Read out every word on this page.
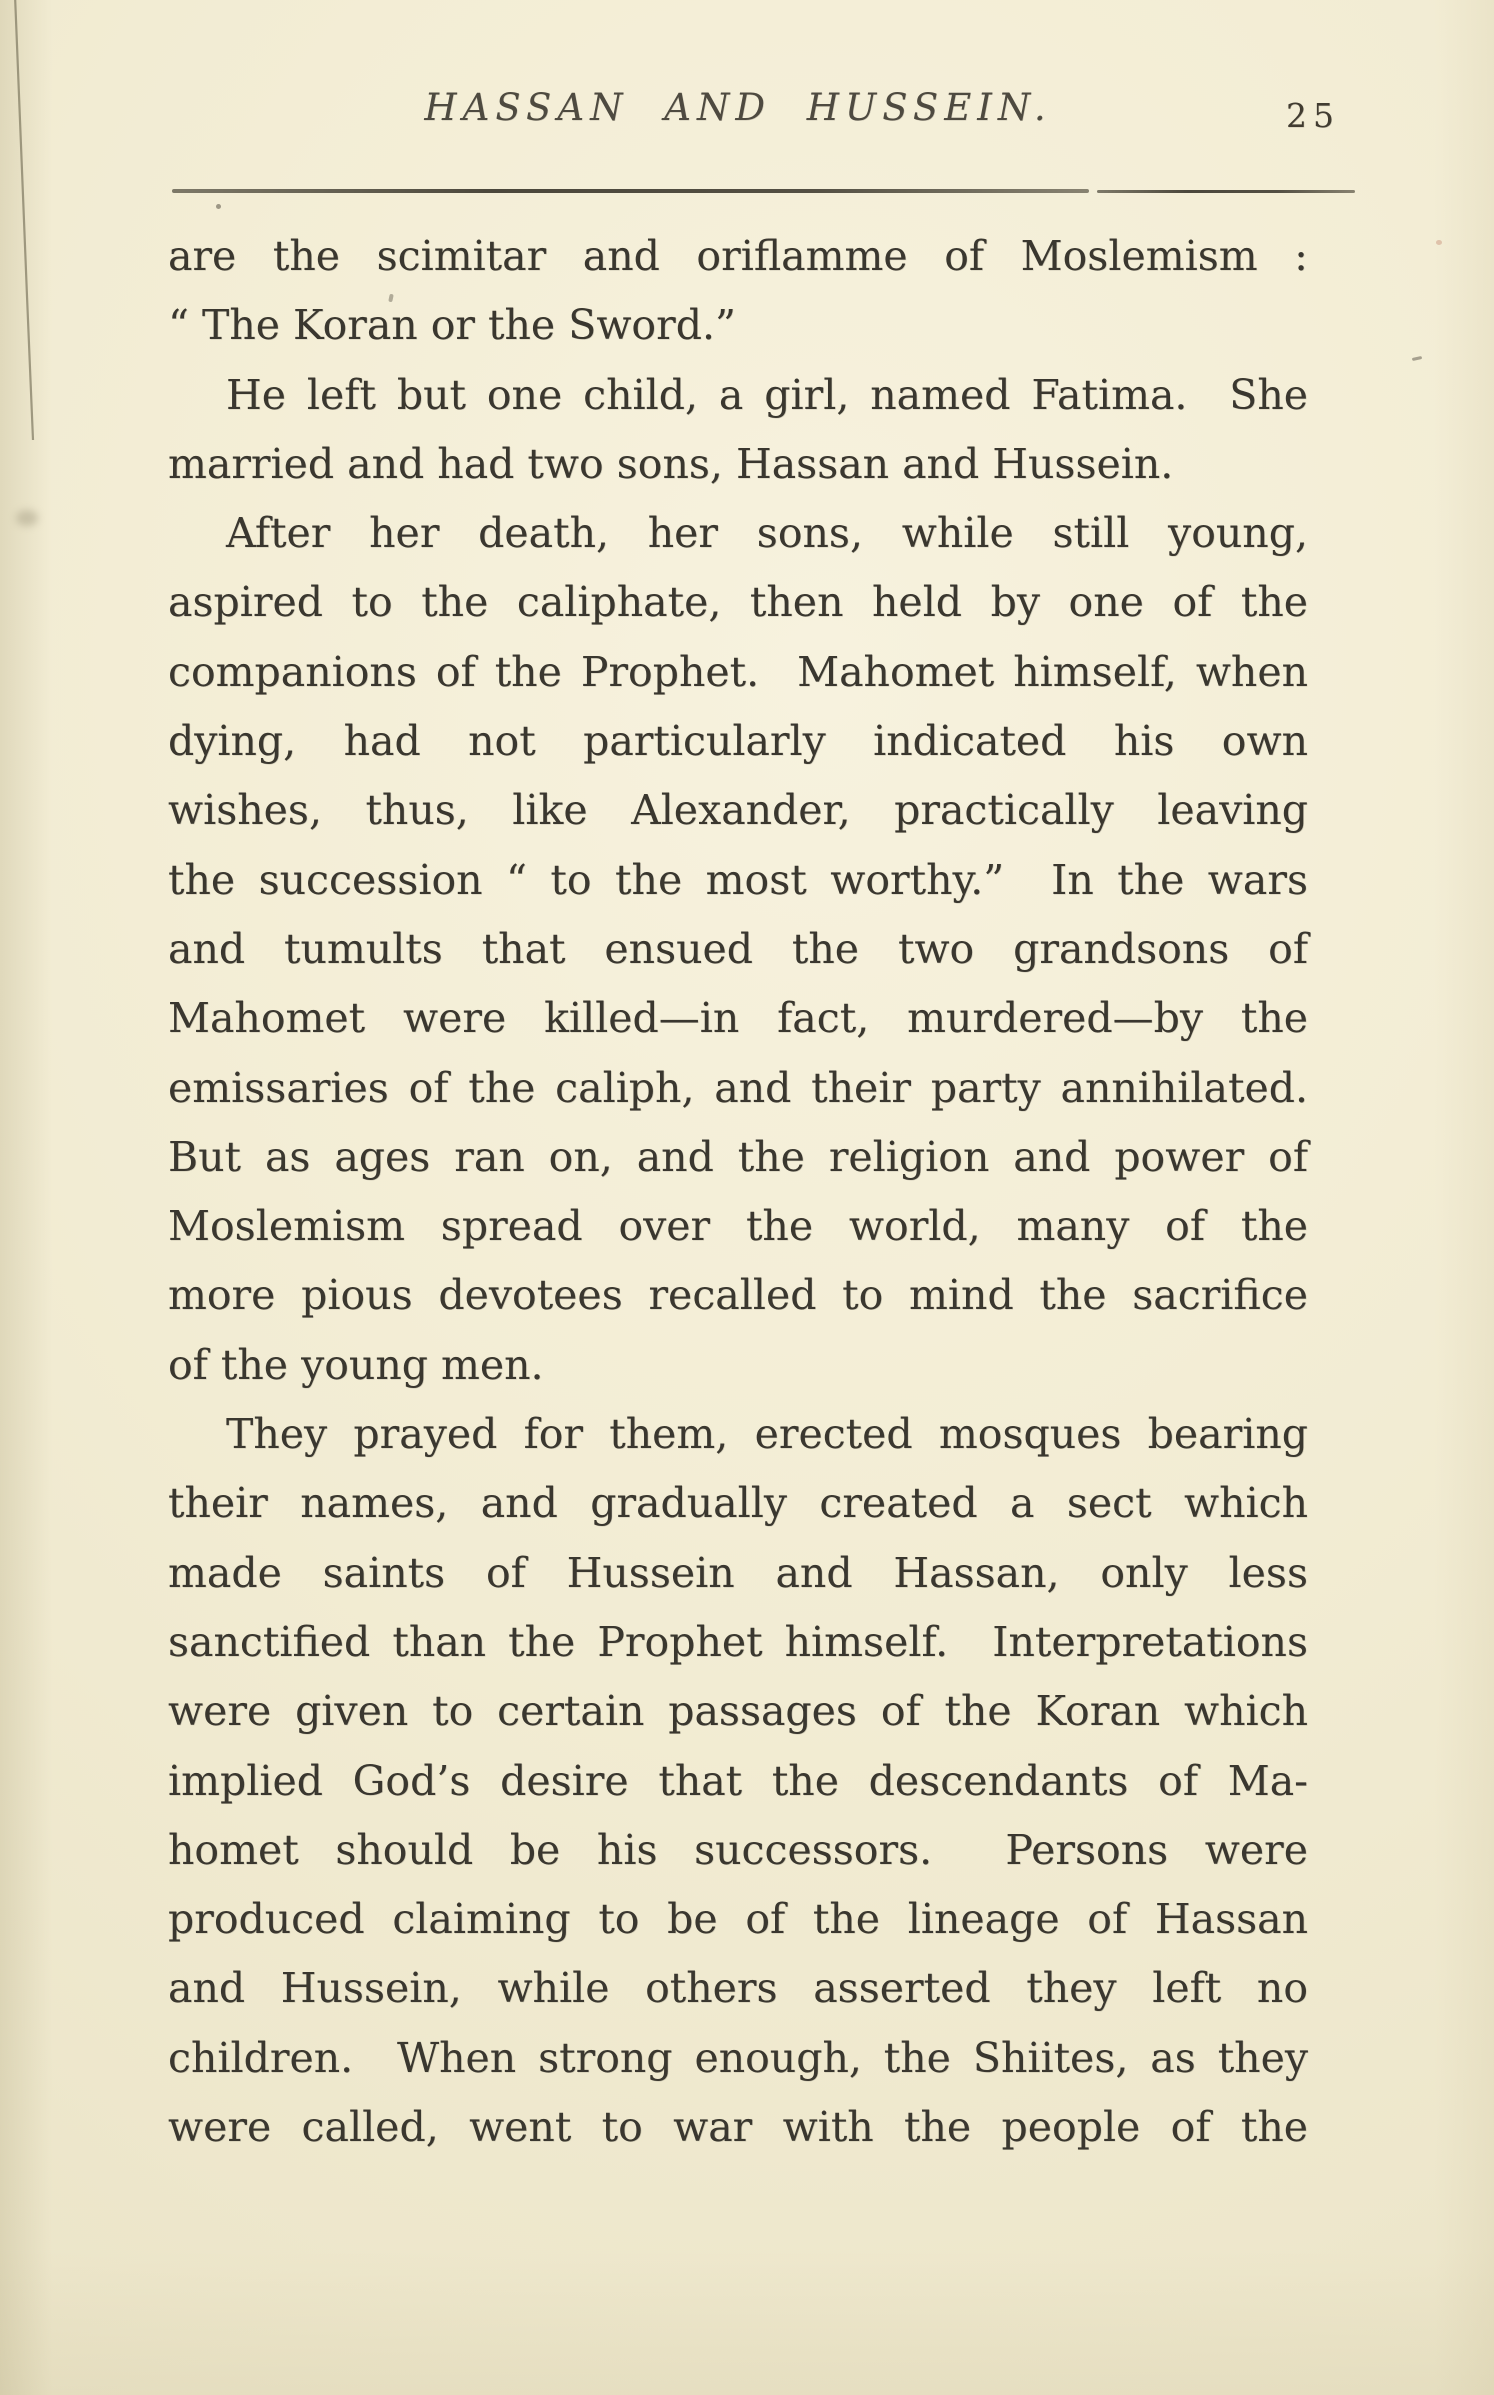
HASSAN AND HUSSEIN.	25
are the scimitar and oriflamme of Moslemism :
“ The Koran or the Sword.”
He left but one child, a girl, named Fatima.  She
married and had two sons, Hassan and Hussein.
After her death, her sons, while still young,
aspired to the caliphate, then held by one of the
companions of the Prophet.  Mahomet himself, when
dying, had not particularly indicated his own
wishes, thus, like Alexander, practically leaving
the succession “ to the most worthy.”  In the wars
and tumults that ensued the two grandsons of
Mahomet were killed—in fact, murdered—by the
emissaries of the caliph, and their party annihilated.
But as ages ran on, and the religion and power of
Moslemism spread over the world, many of the
more pious devotees recalled to mind the sacrifice
of the young men.
They prayed for them, erected mosques bearing
their names, and gradually created a sect which
made saints of Hussein and Hassan, only less
sanctified than the Prophet himself.  Interpretations
were given to certain passages of the Koran which
implied God’s desire that the descendants of Ma-
homet should be his successors.  Persons were
produced claiming to be of the lineage of Hassan
and Hussein, while others asserted they left no
children.  When strong enough, the Shiites, as they
were called, went to war with the people of the
